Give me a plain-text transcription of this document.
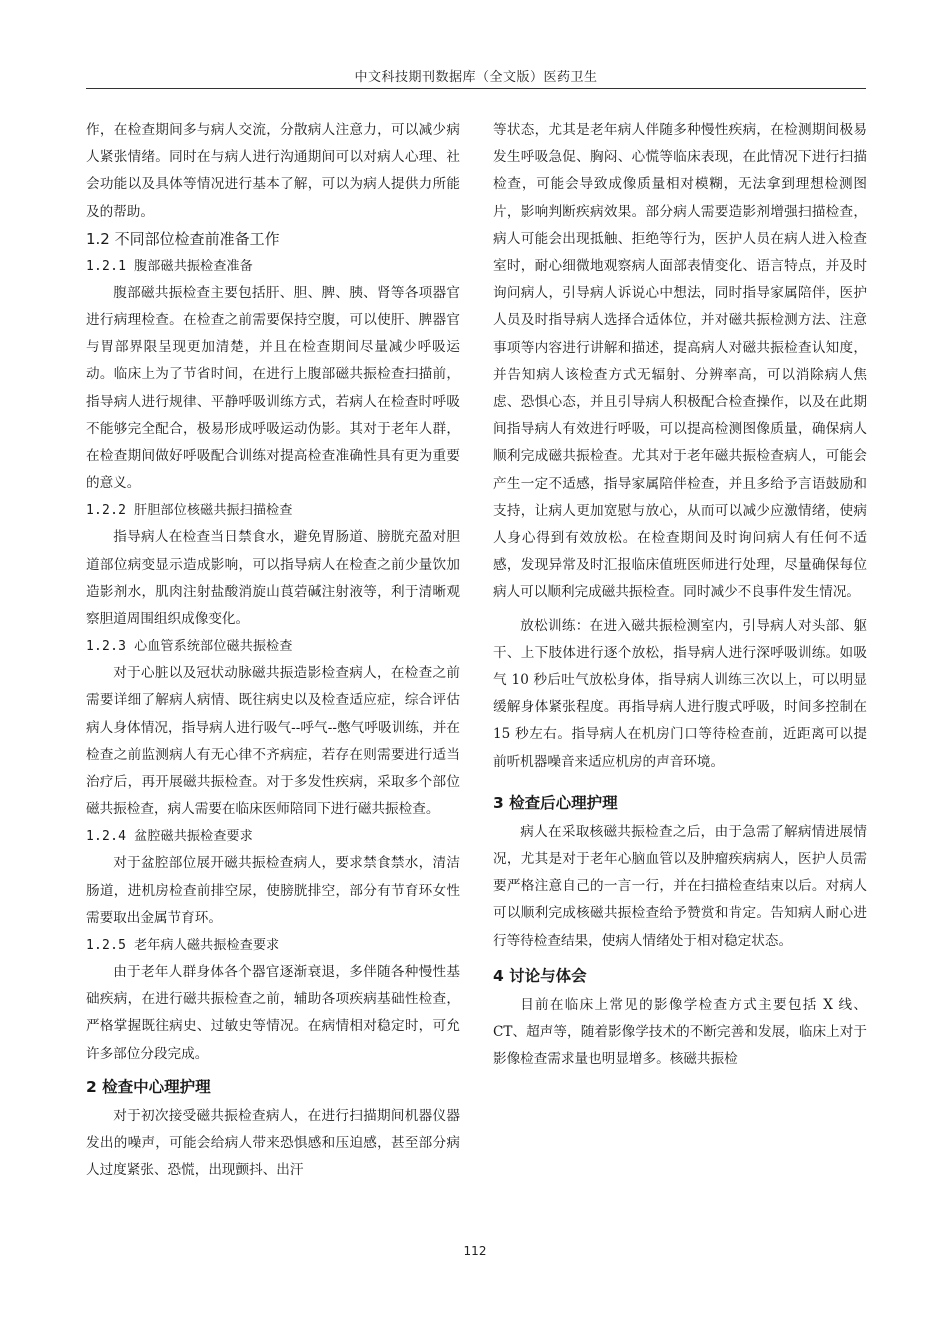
中文科技期刊数据库（全文版）医药卫生

作，在检查期间多与病人交流，分散病人注意力，可以减少病人紧张情绪。同时在与病人进行沟通期间可以对病人心理、社会功能以及具体等情况进行基本了解，可以为病人提供力所能及的帮助。

1.2 不同部位检查前准备工作

1.2.1 腹部磁共振检查准备

腹部磁共振检查主要包括肝、胆、脾、胰、肾等各项器官进行病理检查。在检查之前需要保持空腹，可以使肝、脾器官与胃部界限呈现更加清楚，并且在检查期间尽量减少呼吸运动。临床上为了节省时间，在进行上腹部磁共振检查扫描前，指导病人进行规律、平静呼吸训练方式，若病人在检查时呼吸不能够完全配合，极易形成呼吸运动伪影。其对于老年人群，在检查期间做好呼吸配合训练对提高检查准确性具有更为重要的意义。

1.2.2 肝胆部位核磁共振扫描检查

指导病人在检查当日禁食水，避免胃肠道、膀胱充盈对胆道部位病变显示造成影响，可以指导病人在检查之前少量饮加造影剂水，肌肉注射盐酸消旋山莨菪碱注射液等，利于清晰观察胆道周围组织成像变化。

1.2.3 心血管系统部位磁共振检查

对于心脏以及冠状动脉磁共振造影检查病人，在检查之前需要详细了解病人病情、既往病史以及检查适应症，综合评估病人身体情况，指导病人进行吸气--呼气--憋气呼吸训练，并在检查之前监测病人有无心律不齐病症，若存在则需要进行适当治疗后，再开展磁共振检查。对于多发性疾病，采取多个部位磁共振检查，病人需要在临床医师陪同下进行磁共振检查。

1.2.4 盆腔磁共振检查要求

对于盆腔部位展开磁共振检查病人，要求禁食禁水，清洁肠道，进机房检查前排空尿，使膀胱排空，部分有节育环女性需要取出金属节育环。

1.2.5 老年病人磁共振检查要求

由于老年人群身体各个器官逐渐衰退，多伴随各种慢性基础疾病，在进行磁共振检查之前，辅助各项疾病基础性检查，严格掌握既往病史、过敏史等情况。在病情相对稳定时，可允许多部位分段完成。

2 检查中心理护理

对于初次接受磁共振检查病人，在进行扫描期间机器仪器发出的噪声，可能会给病人带来恐惧感和压迫感，甚至部分病人过度紧张、恐慌，出现颤抖、出汗

等状态，尤其是老年病人伴随多种慢性疾病，在检测期间极易发生呼吸急促、胸闷、心慌等临床表现，在此情况下进行扫描检查，可能会导致成像质量相对模糊，无法拿到理想检测图片，影响判断疾病效果。部分病人需要造影剂增强扫描检查，病人可能会出现抵触、拒绝等行为，医护人员在病人进入检查室时，耐心细微地观察病人面部表情变化、语言特点，并及时询问病人，引导病人诉说心中想法，同时指导家属陪伴，医护人员及时指导病人选择合适体位，并对磁共振检测方法、注意事项等内容进行讲解和描述，提高病人对磁共振检查认知度，并告知病人该检查方式无辐射、分辨率高，可以消除病人焦虑、恐惧心态，并且引导病人积极配合检查操作，以及在此期间指导病人有效进行呼吸，可以提高检测图像质量，确保病人顺利完成磁共振检查。尤其对于老年磁共振检查病人，可能会产生一定不适感，指导家属陪伴检查，并且多给予言语鼓励和支持，让病人更加宽慰与放心，从而可以减少应激情绪，使病人身心得到有效放松。在检查期间及时询问病人有任何不适感，发现异常及时汇报临床值班医师进行处理，尽量确保每位病人可以顺利完成磁共振检查。同时减少不良事件发生情况。

放松训练：在进入磁共振检测室内，引导病人对头部、躯干、上下肢体进行逐个放松，指导病人进行深呼吸训练。如吸气 10 秒后吐气放松身体，指导病人训练三次以上，可以明显缓解身体紧张程度。再指导病人进行腹式呼吸，时间多控制在 15 秒左右。指导病人在机房门口等待检查前，近距离可以提前听机器噪音来适应机房的声音环境。

3 检查后心理护理

病人在采取核磁共振检查之后，由于急需了解病情进展情况，尤其是对于老年心脑血管以及肿瘤疾病病人，医护人员需要严格注意自己的一言一行，并在扫描检查结束以后。对病人可以顺利完成核磁共振检查给予赞赏和肯定。告知病人耐心进行等待检查结果，使病人情绪处于相对稳定状态。

4 讨论与体会

目前在临床上常见的影像学检查方式主要包括 X 线、CT、超声等，随着影像学技术的不断完善和发展，临床上对于影像检查需求量也明显增多。核磁共振检

112
